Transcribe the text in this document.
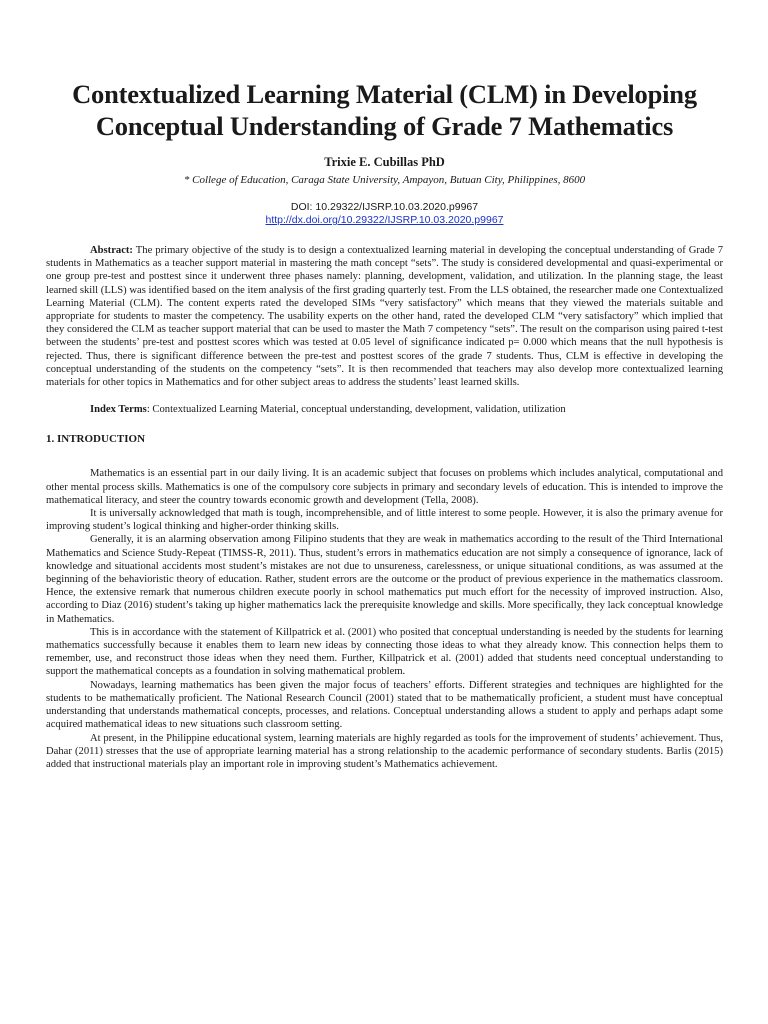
Contextualized Learning Material (CLM) in Developing Conceptual Understanding of Grade 7 Mathematics
Trixie E. Cubillas PhD
* College of Education, Caraga State University, Ampayon, Butuan City, Philippines, 8600
DOI: 10.29322/IJSRP.10.03.2020.p9967
http://dx.doi.org/10.29322/IJSRP.10.03.2020.p9967
Abstract: The primary objective of the study is to design a contextualized learning material in developing the conceptual understanding of Grade 7 students in Mathematics as a teacher support material in mastering the math concept “sets”. The study is considered developmental and quasi-experimental or one group pre-test and posttest since it underwent three phases namely: planning, development, validation, and utilization. In the planning stage, the least learned skill (LLS) was identified based on the item analysis of the first grading quarterly test. From the LLS obtained, the researcher made one Contextualized Learning Material (CLM). The content experts rated the developed SIMs “very satisfactory” which means that they viewed the materials suitable and appropriate for students to master the competency. The usability experts on the other hand, rated the developed CLM “very satisfactory” which implied that they considered the CLM as teacher support material that can be used to master the Math 7 competency “sets”. The result on the comparison using paired t-test between the students’ pre-test and posttest scores which was tested at 0.05 level of significance indicated p= 0.000 which means that the null hypothesis is rejected. Thus, there is significant difference between the pre-test and posttest scores of the grade 7 students. Thus, CLM is effective in developing the conceptual understanding of the students on the competency “sets”. It is then recommended that teachers may also develop more contextualized learning materials for other topics in Mathematics and for other subject areas to address the students’ least learned skills.
Index Terms: Contextualized Learning Material, conceptual understanding, development, validation, utilization
1. INTRODUCTION

Mathematics is an essential part in our daily living. It is an academic subject that focuses on problems which includes analytical, computational and other mental process skills. Mathematics is one of the compulsory core subjects in primary and secondary levels of education. This is intended to improve the mathematical literacy, and steer the country towards economic growth and development (Tella, 2008).

It is universally acknowledged that math is tough, incomprehensible, and of little interest to some people. However, it is also the primary avenue for improving student’s logical thinking and higher-order thinking skills.

Generally, it is an alarming observation among Filipino students that they are weak in mathematics according to the result of the Third International Mathematics and Science Study-Repeat (TIMSS-R, 2011). Thus, student’s errors in mathematics education are not simply a consequence of ignorance, lack of knowledge and situational accidents most student’s mistakes are not due to unsureness, carelessness, or unique situational conditions, as was assumed at the beginning of the behavioristic theory of education. Rather, student errors are the outcome or the product of previous experience in the mathematics classroom. Hence, the extensive remark that numerous children execute poorly in school mathematics put much effort for the necessity of improved instruction. Also, according to Diaz (2016) student’s taking up higher mathematics lack the prerequisite knowledge and skills. More specifically, they lack conceptual knowledge in Mathematics.

This is in accordance with the statement of Killpatrick et al. (2001) who posited that conceptual understanding is needed by the students for learning mathematics successfully because it enables them to learn new ideas by connecting those ideas to what they already know. This connection helps them to remember, use, and reconstruct those ideas when they need them. Further, Killpatrick et al. (2001) added that students need conceptual understanding to support the mathematical concepts as a foundation in solving mathematical problem.

Nowadays, learning mathematics has been given the major focus of teachers’ efforts. Different strategies and techniques are highlighted for the students to be mathematically proficient. The National Research Council (2001) stated that to be mathematically proficient, a student must have conceptual understanding that understands mathematical concepts, processes, and relations. Conceptual understanding allows a student to apply and perhaps adapt some acquired mathematical ideas to new situations such classroom setting.

At present, in the Philippine educational system, learning materials are highly regarded as tools for the improvement of students’ achievement. Thus, Dahar (2011) stresses that the use of appropriate learning material has a strong relationship to the academic performance of secondary students. Barlis (2015) added that instructional materials play an important role in improving student’s Mathematics achievement.
